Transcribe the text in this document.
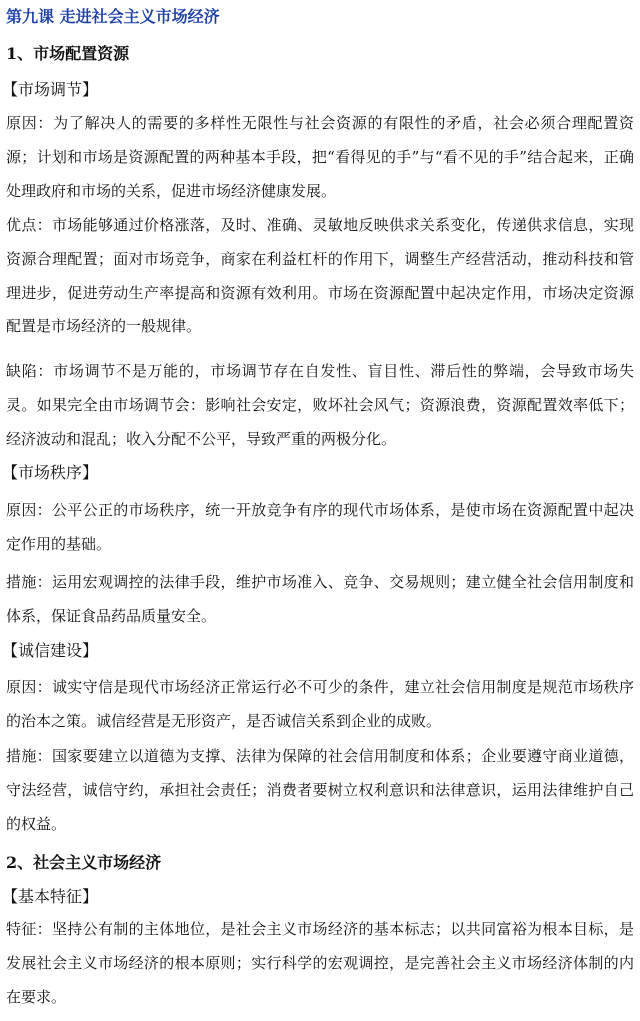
第九课 走进社会主义市场经济
1、市场配置资源
【市场调节】
原因：为了解决人的需要的多样性无限性与社会资源的有限性的矛盾，社会必须合理配置资源；计划和市场是资源配置的两种基本手段，把“看得见的手”与“看不见的手”结合起来，正确处理政府和市场的关系，促进市场经济健康发展。
优点：市场能够通过价格涨落，及时、准确、灵敏地反映供求关系变化，传递供求信息，实现资源合理配置；面对市场竞争，商家在利益杠杆的作用下，调整生产经营活动，推动科技和管理进步，促进劳动生产率提高和资源有效利用。市场在资源配置中起决定作用，市场决定资源配置是市场经济的一般规律。
缺陷：市场调节不是万能的，市场调节存在自发性、盲目性、滞后性的弊端，会导致市场失灵。如果完全由市场调节会：影响社会安定，败坏社会风气；资源浪费，资源配置效率低下；经济波动和混乱；收入分配不公平，导致严重的两极分化。
【市场秩序】
原因：公平公正的市场秩序，统一开放竞争有序的现代市场体系，是使市场在资源配置中起决定作用的基础。
措施：运用宏观调控的法律手段，维护市场准入、竞争、交易规则；建立健全社会信用制度和体系，保证食品药品质量安全。
【诚信建设】
原因：诚实守信是现代市场经济正常运行必不可少的条件，建立社会信用制度是规范市场秩序的治本之策。诚信经营是无形资产，是否诚信关系到企业的成败。
措施：国家要建立以道德为支撑、法律为保障的社会信用制度和体系；企业要遵守商业道德，守法经营，诚信守约，承担社会责任；消费者要树立权利意识和法律意识，运用法律维护自己的权益。
2、社会主义市场经济
【基本特征】
特征：坚持公有制的主体地位，是社会主义市场经济的基本标志；以共同富裕为根本目标，是发展社会主义市场经济的根本原则；实行科学的宏观调控，是完善社会主义市场经济体制的内在要求。
